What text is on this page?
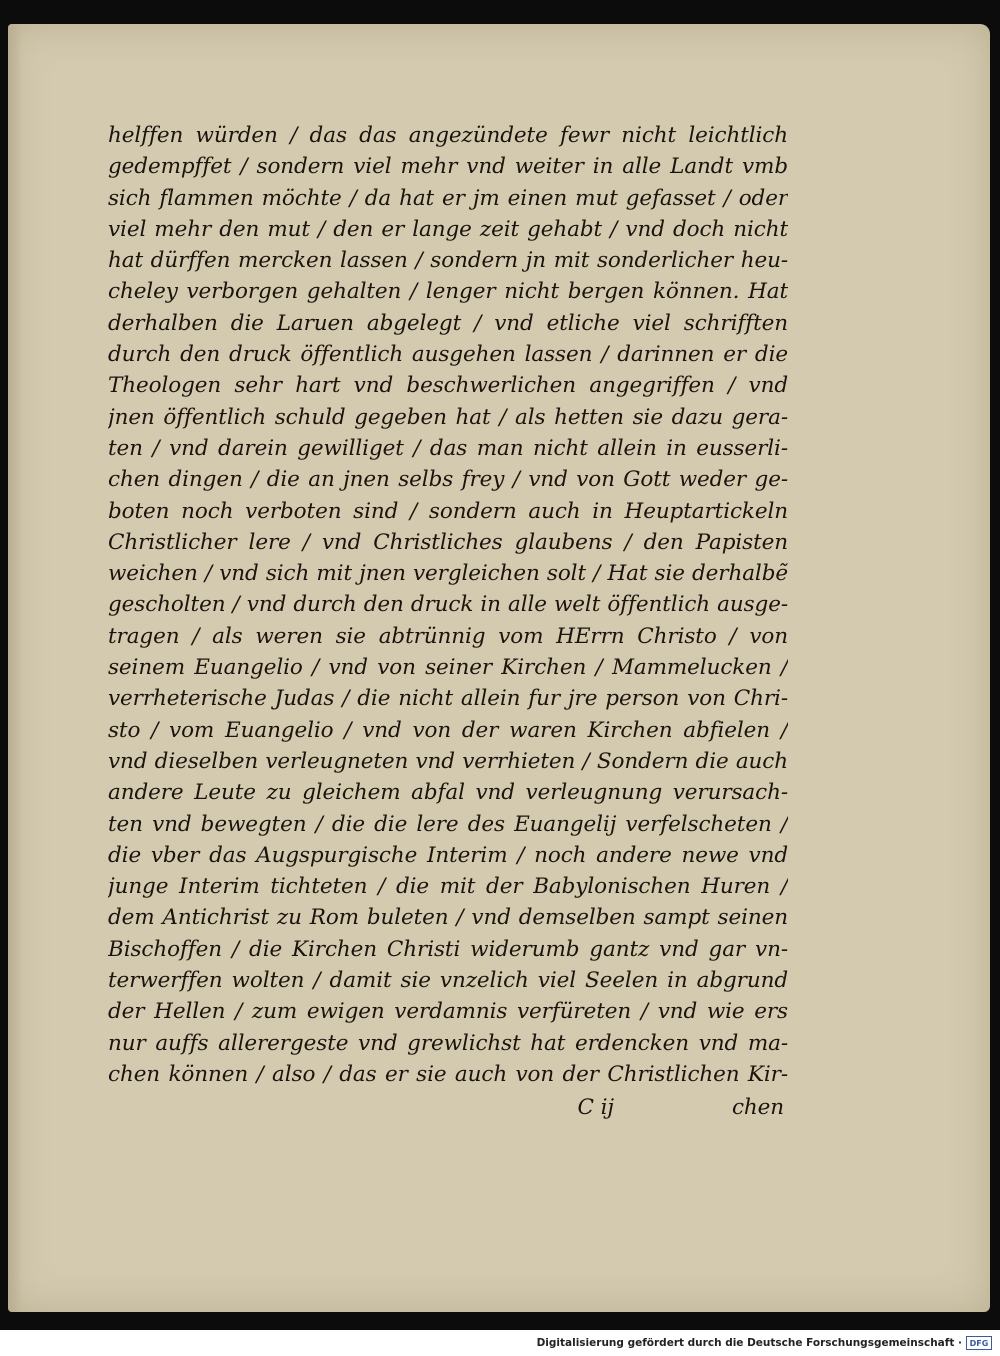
helffen würden / das das angezündete fewr nicht leichtlich
gedempffet / sondern viel mehr vnd weiter in alle Landt vmb
sich flammen möchte / da hat er jm einen mut gefasset / oder
viel mehr den mut / den er lange zeit gehabt / vnd doch nicht
hat dürffen mercken lassen / sondern jn mit sonderlicher heu-
cheley verborgen gehalten / lenger nicht bergen können. Hat
derhalben die Laruen abgelegt / vnd etliche viel schrifften
durch den druck öffentlich ausgehen lassen / darinnen er die
Theologen sehr hart vnd beschwerlichen angegriffen / vnd
jnen öffentlich schuld gegeben hat / als hetten sie dazu gera-
ten / vnd darein gewilliget / das man nicht allein in eusserli-
chen dingen / die an jnen selbs frey / vnd von Gott weder ge-
boten noch verboten sind / sondern auch in Heuptartickeln
Christlicher lere / vnd Christliches glaubens / den Papisten
weichen / vnd sich mit jnen vergleichen solt / Hat sie derhalbẽ
gescholten / vnd durch den druck in alle welt öffentlich ausge-
tragen / als weren sie abtrünnig vom HErrn Christo / von
seinem Euangelio / vnd von seiner Kirchen / Mammelucken /
verrheterische Judas / die nicht allein fur jre person von Chri-
sto / vom Euangelio / vnd von der waren Kirchen abfielen /
vnd dieselben verleugneten vnd verrhieten / Sondern die auch
andere Leute zu gleichem abfal vnd verleugnung verursach-
ten vnd bewegten / die die lere des Euangelij verfelscheten /
die vber das Augspurgische Interim / noch andere newe vnd
junge Interim tichteten / die mit der Babylonischen Huren /
dem Antichrist zu Rom buleten / vnd demselben sampt seinen
Bischoffen / die Kirchen Christi widerumb gantz vnd gar vn-
terwerffen wolten / damit sie vnzelich viel Seelen in abgrund
der Hellen / zum ewigen verdamnis verfüreten / vnd wie ers
nur auffs allerergeste vnd grewlichst hat erdencken vnd ma-
chen können / also / das er sie auch von der Christlichen Kir-
C ij	chen
Digitalisierung gefördert durch die Deutsche Forschungsgemeinschaft · DFG
